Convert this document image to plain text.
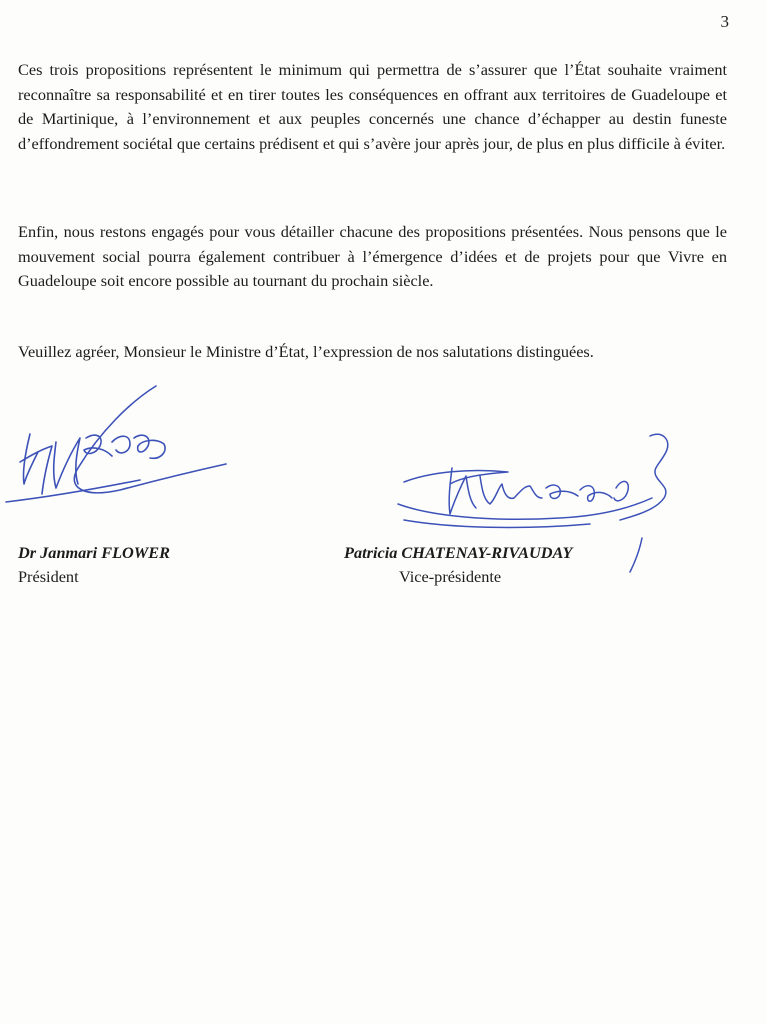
3

Ces trois propositions représentent le minimum qui permettra de s’assurer que l’État souhaite vraiment reconnaître sa responsabilité et en tirer toutes les conséquences en offrant aux territoires de Guadeloupe et de Martinique, à l’environnement et aux peuples concernés une chance d’échapper au destin funeste d’effondrement sociétal que certains prédisent et qui s’avère jour après jour, de plus en plus difficile à éviter.

Enfin, nous restons engagés pour vous détailler chacune des propositions présentées. Nous pensons que le mouvement social pourra également contribuer à l’émergence d’idées et de projets pour que Vivre en Guadeloupe soit encore possible au tournant du prochain siècle.

Veuillez agréer, Monsieur le Ministre d’État, l’expression de nos salutations distinguées.

Dr Janmari FLOWER
Président
Patricia CHATENAY-RIVAUDAY
Vice-présidente
